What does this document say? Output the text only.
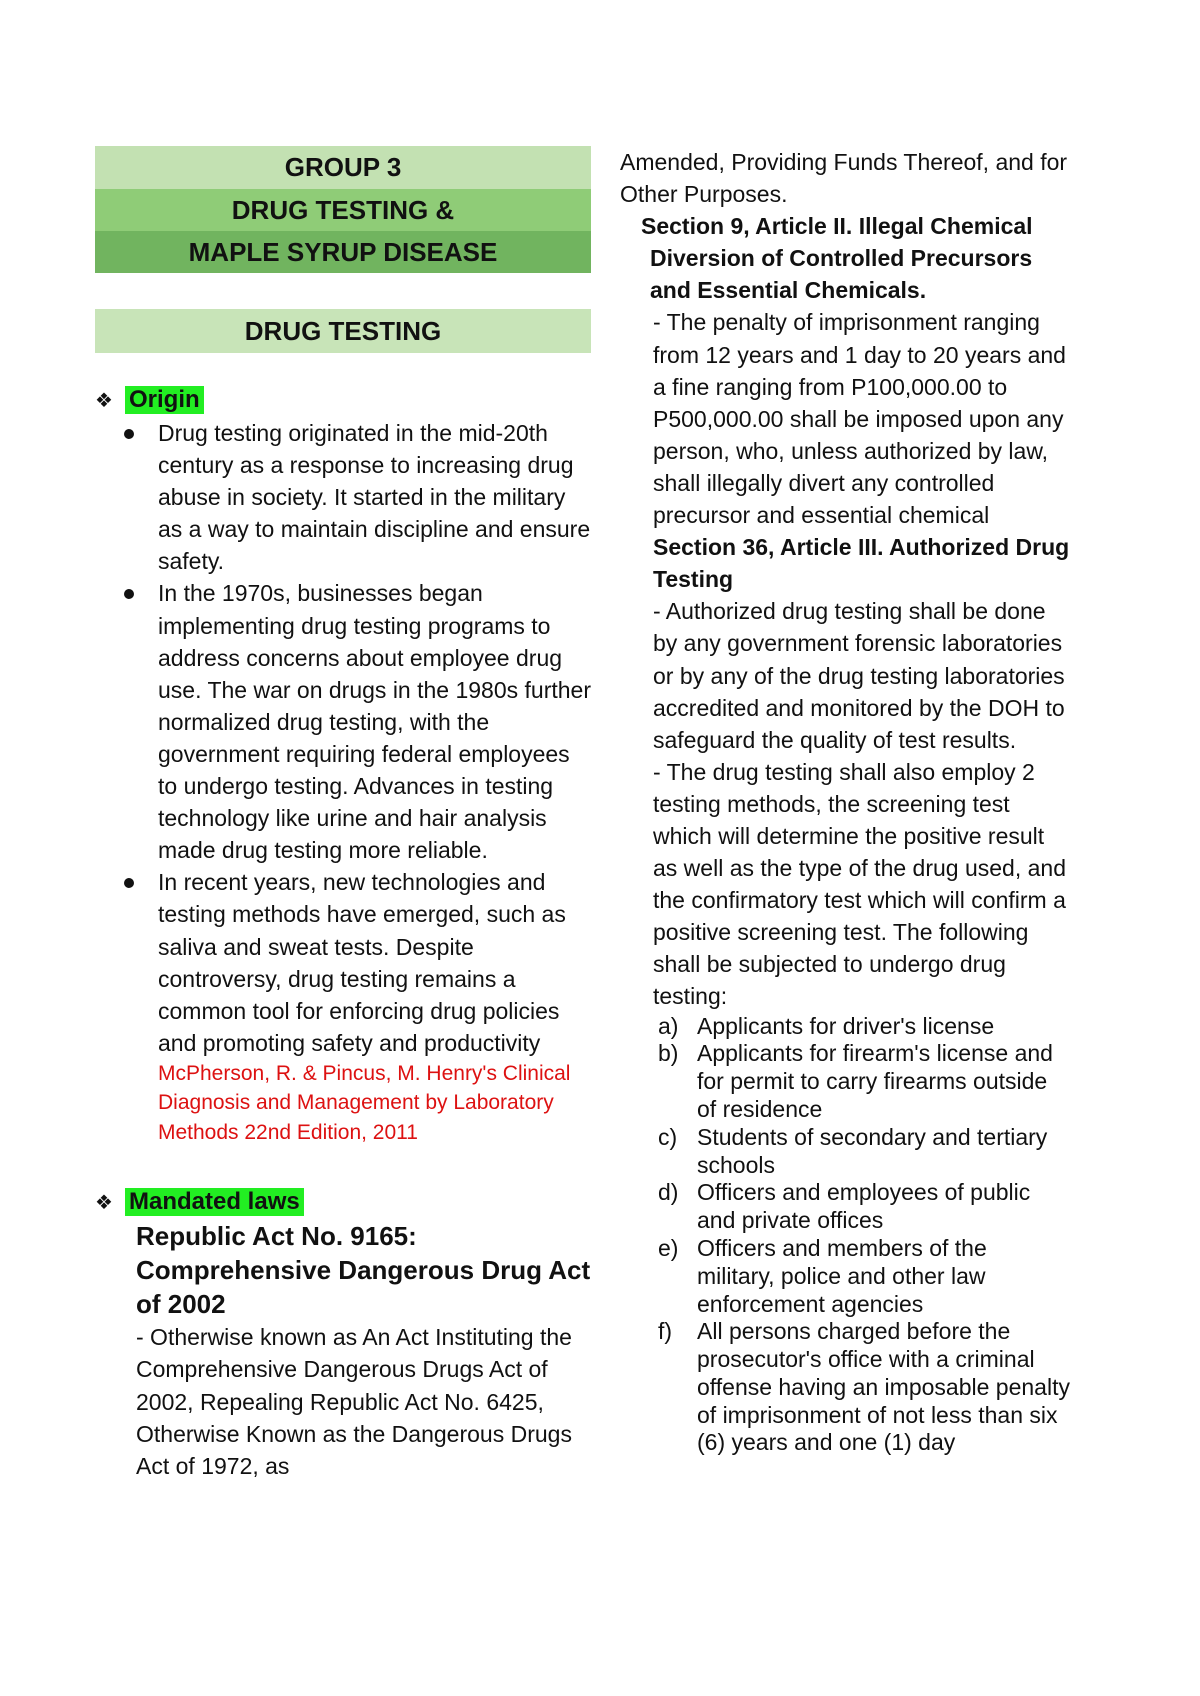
GROUP 3
DRUG TESTING &
MAPLE SYRUP DISEASE
DRUG TESTING
❖ Origin
Drug testing originated in the mid-20th century as a response to increasing drug abuse in society. It started in the military as a way to maintain discipline and ensure safety.
In the 1970s, businesses began implementing drug testing programs to address concerns about employee drug use. The war on drugs in the 1980s further normalized drug testing, with the government requiring federal employees to undergo testing. Advances in testing technology like urine and hair analysis made drug testing more reliable.
In recent years, new technologies and testing methods have emerged, such as saliva and sweat tests. Despite controversy, drug testing remains a common tool for enforcing drug policies and promoting safety and productivity
McPherson, R. & Pincus, M. Henry's Clinical Diagnosis and Management by Laboratory Methods 22nd Edition, 2011
❖ Mandated laws
Republic Act No. 9165: Comprehensive Dangerous Drug Act of 2002
- Otherwise known as An Act Instituting the Comprehensive Dangerous Drugs Act of 2002, Repealing Republic Act No. 6425, Otherwise Known as the Dangerous Drugs Act of 1972, as
Amended, Providing Funds Thereof, and for Other Purposes.
Section 9, Article II. Illegal Chemical Diversion of Controlled Precursors and Essential Chemicals.
- The penalty of imprisonment ranging from 12 years and 1 day to 20 years and a fine ranging from P100,000.00 to P500,000.00 shall be imposed upon any person, who, unless authorized by law, shall illegally divert any controlled precursor and essential chemical
Section 36, Article III. Authorized Drug Testing
- Authorized drug testing shall be done by any government forensic laboratories or by any of the drug testing laboratories accredited and monitored by the DOH to safeguard the quality of test results.
- The drug testing shall also employ 2 testing methods, the screening test which will determine the positive result as well as the type of the drug used, and the confirmatory test which will confirm a positive screening test. The following shall be subjected to undergo drug testing:
a) Applicants for driver's license
b) Applicants for firearm's license and for permit to carry firearms outside of residence
c) Students of secondary and tertiary schools
d) Officers and employees of public and private offices
e) Officers and members of the military, police and other law enforcement agencies
f) All persons charged before the prosecutor's office with a criminal offense having an imposable penalty of imprisonment of not less than six (6) years and one (1) day
